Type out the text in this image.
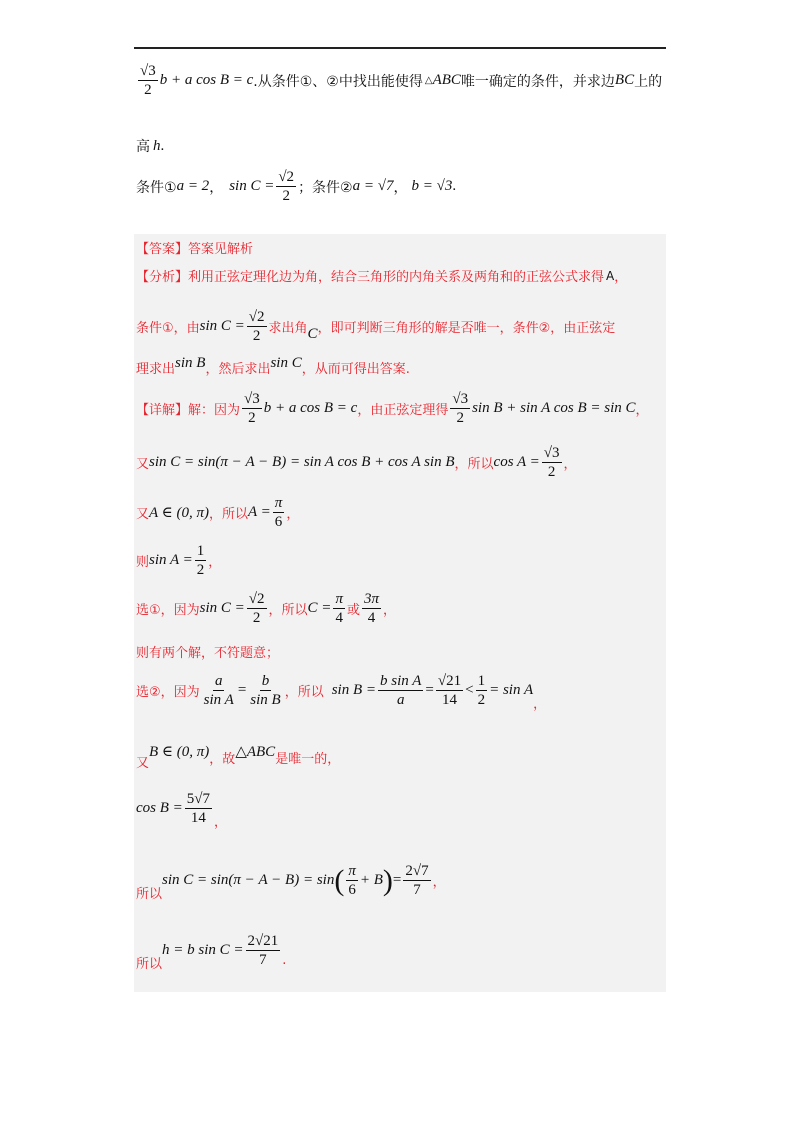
$\frac{√3}{2}$ b + a cos B = c .从条件①、②中找出能使得 △ ABC 唯一确定的条件，并求边 BC 上的
高 h .
条件① a = 2 ， $\sin C = \frac{√2}{2}$ ；条件② a = √7 ， b = √3 .
【答案】 答案见解析
【分析】 利用正弦定理化边为角，结合三角形的内角关系及两角和的正弦公式求得 A ，
条件①，由 $\sin C = \frac{√2}{2}$ 求出角 C ，即可判断三角形的解是否唯一，条件②，由正弦定
理求出 sin B ，然后求出 sin C ，从而可得出答案.
【详解】 解：因为 $\frac{√3}{2}$ b + a cos B = c ，由正弦定理得 $\frac{√3}{2}$ sin B + sin A cos B = sin C ，
又 sin C = sin(π − A − B) = sin A cos B + cos A sin B ，所以 $\cos A = \frac{√3}{2}$ ，
又 A ∈ (0, π) ，所以 $A = \frac{\pi}{6}$ ，
则 $\sin A = \frac{1}{2}$ ，
选①，因为 $\sin C = \frac{√2}{2}$ ，所以 $C = \frac{\pi}{4}$ 或 $\frac{3\pi}{4}$ ，
则有两个解，不符题意；
选②，因为 $\frac{a}{\text{sin A}} = \frac{b}{\text{sin B}}$ ，所以 $\sin B = \frac{\text{b sin A}}{a} = \frac{√21}{14} < \frac{1}{2} = \sin A$
，
又
B ∈ (0, π) ，故 △ABC 是唯一的，
$\cos B = \frac{5√7}{14}$ ，
所以
sin C = sin(π − A − B) = sin ( $\frac{\pi}{6} + B$ ) = $\frac{2√7}{7}$ ，
所以
h = b $\sin C = \frac{2√21}{7}$ .
